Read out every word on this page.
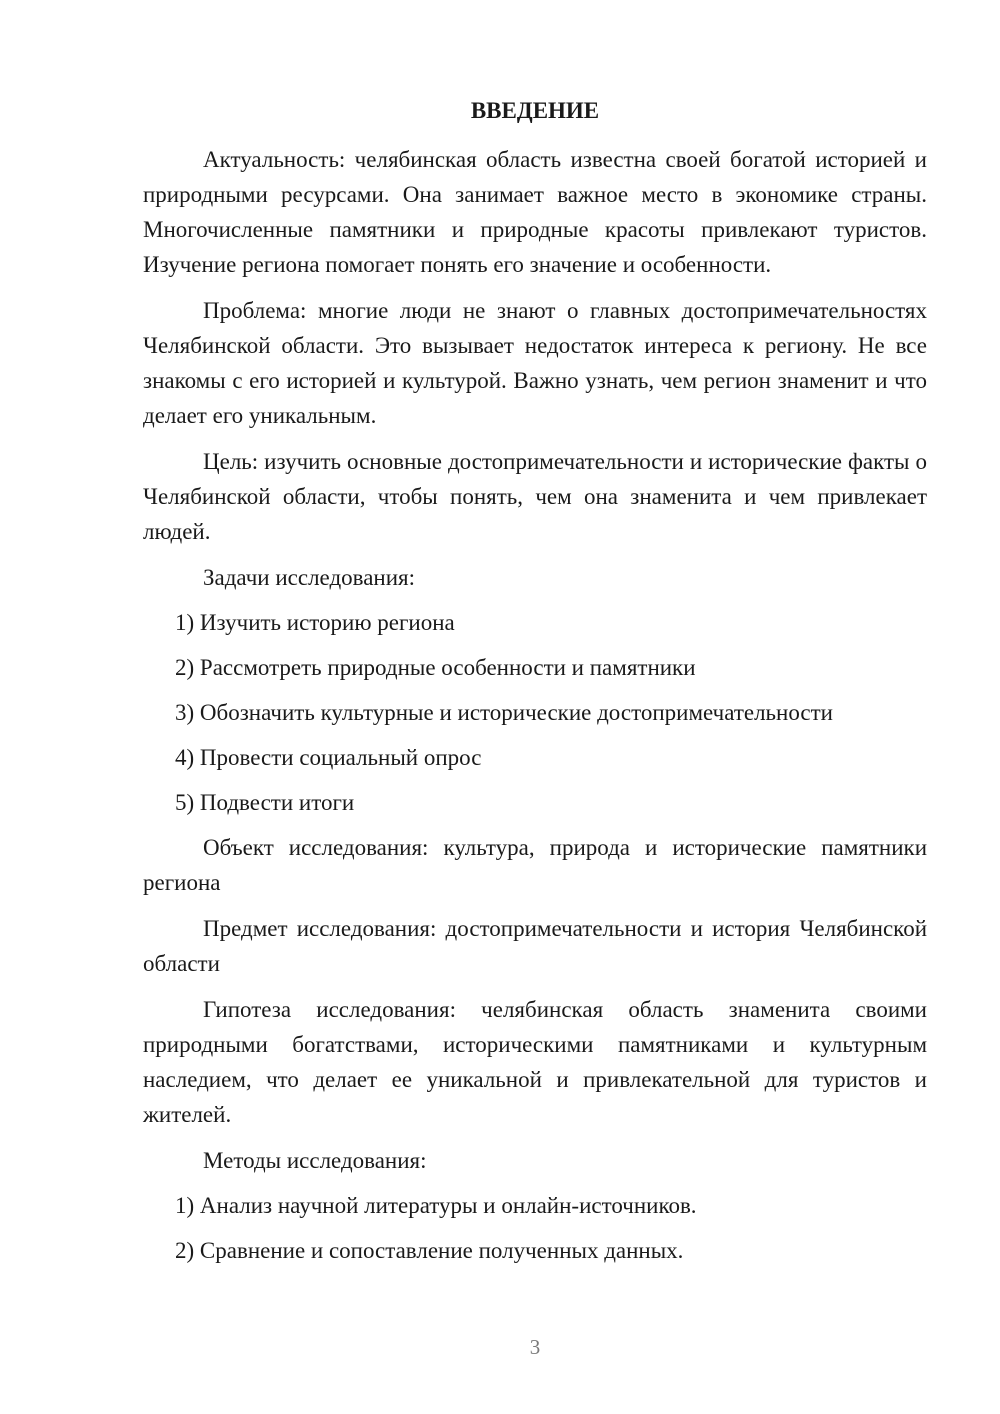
ВВЕДЕНИЕ

Актуальность: челябинская область известна своей богатой историей и природными ресурсами. Она занимает важное место в экономике страны. Многочисленные памятники и природные красоты привлекают туристов. Изучение региона помогает понять его значение и особенности.

Проблема: многие люди не знают о главных достопримечательностях Челябинской области. Это вызывает недостаток интереса к региону. Не все знакомы с его историей и культурой. Важно узнать, чем регион знаменит и что делает его уникальным.

Цель: изучить основные достопримечательности и исторические факты о Челябинской области, чтобы понять, чем она знаменита и чем привлекает людей.

Задачи исследования:
1) Изучить историю региона
2) Рассмотреть природные особенности и памятники
3) Обозначить культурные и исторические достопримечательности
4) Провести социальный опрос
5) Подвести итоги

Объект исследования: культура, природа и исторические памятники региона

Предмет исследования: достопримечательности и история Челябинской области

Гипотеза исследования: челябинская область знаменита своими природными богатствами, историческими памятниками и культурным наследием, что делает ее уникальной и привлекательной для туристов и жителей.

Методы исследования:
1) Анализ научной литературы и онлайн-источников.
2) Сравнение и сопоставление полученных данных.
3
